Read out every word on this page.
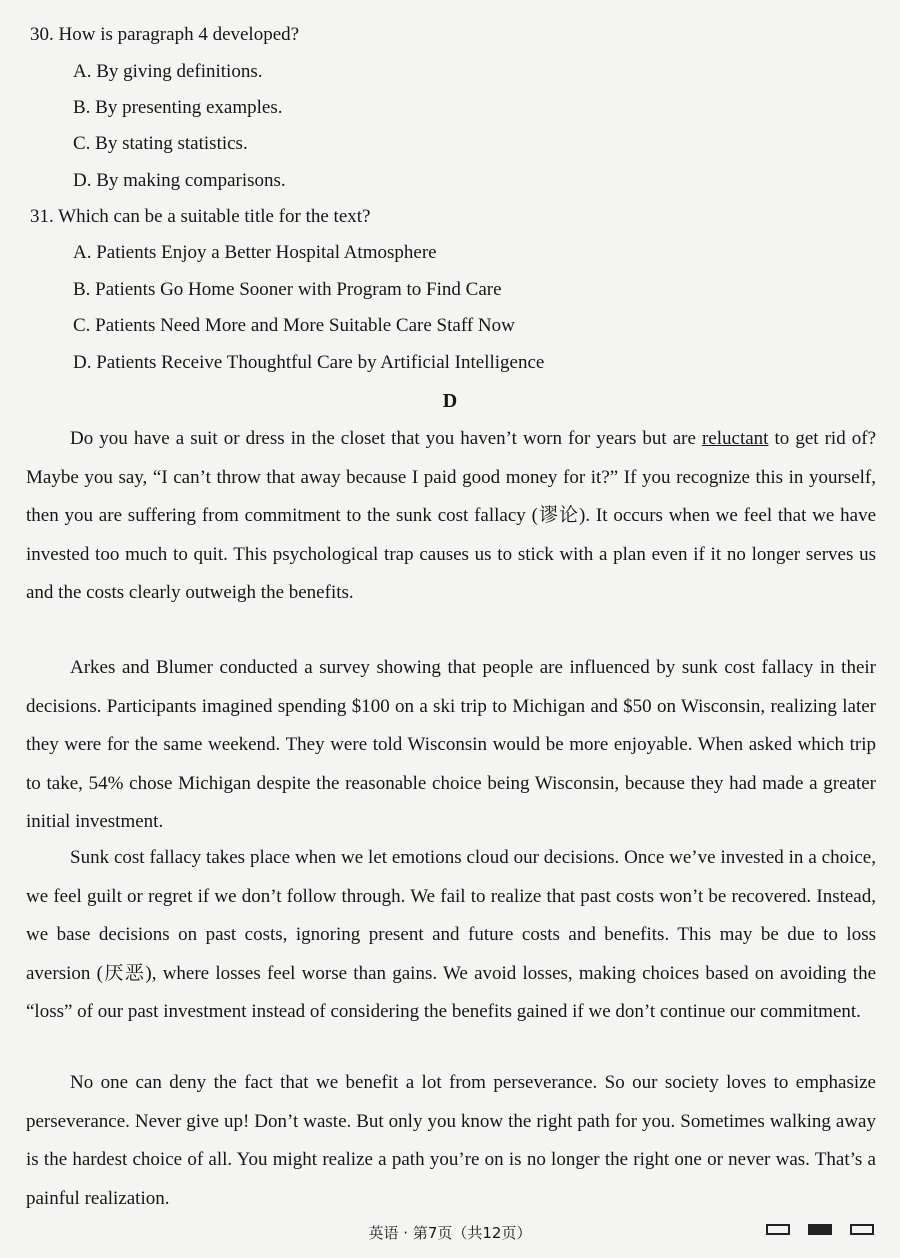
30. How is paragraph 4 developed?
A. By giving definitions.
B. By presenting examples.
C. By stating statistics.
D. By making comparisons.
31. Which can be a suitable title for the text?
A. Patients Enjoy a Better Hospital Atmosphere
B. Patients Go Home Sooner with Program to Find Care
C. Patients Need More and More Suitable Care Staff Now
D. Patients Receive Thoughtful Care by Artificial Intelligence
D
Do you have a suit or dress in the closet that you haven’t worn for years but are reluctant to get rid of? Maybe you say, “I can’t throw that away because I paid good money for it?” If you recognize this in yourself, then you are suffering from commitment to the sunk cost fallacy (谬论). It occurs when we feel that we have invested too much to quit. This psychological trap causes us to stick with a plan even if it no longer serves us and the costs clearly outweigh the benefits.
Arkes and Blumer conducted a survey showing that people are influenced by sunk cost fallacy in their decisions. Participants imagined spending $100 on a ski trip to Michigan and $50 on Wisconsin, realizing later they were for the same weekend. They were told Wisconsin would be more enjoyable. When asked which trip to take, 54% chose Michigan despite the reasonable choice being Wisconsin, because they had made a greater initial investment.
Sunk cost fallacy takes place when we let emotions cloud our decisions. Once we’ve invested in a choice, we feel guilt or regret if we don’t follow through. We fail to realize that past costs won’t be recovered. Instead, we base decisions on past costs, ignoring present and future costs and benefits. This may be due to loss aversion (厌恶), where losses feel worse than gains. We avoid losses, making choices based on avoiding the “loss” of our past investment instead of considering the benefits gained if we don’t continue our commitment.
No one can deny the fact that we benefit a lot from perseverance. So our society loves to emphasize perseverance. Never give up! Don’t waste. But only you know the right path for you. Sometimes walking away is the hardest choice of all. You might realize a path you’re on is no longer the right one or never was. That’s a painful realization.
英语 · 第7页（共12页）
